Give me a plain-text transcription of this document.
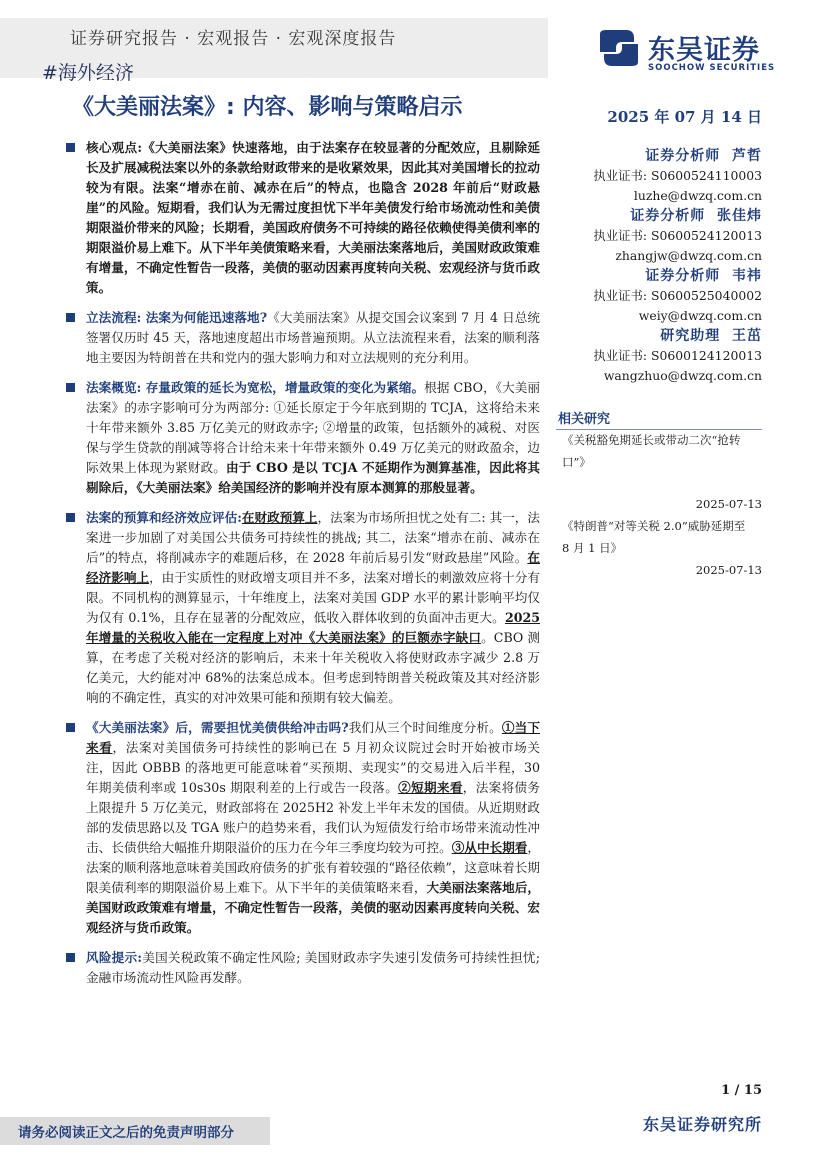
证券研究报告 · 宏观报告 · 宏观深度报告
#海外经济
东吴证券
SOOCHOW SECURITIES
《大美丽法案》: 内容、影响与策略启示	2025 年 07 月 14 日
核心观点:《大美丽法案》快速落地，由于法案存在较显著的分配效应，且剔除延长及扩展减税法案以外的条款给财政带来的是收紧效果，因此其对美国增长的拉动较为有限。法案“增赤在前、减赤在后”的特点，也隐含 2028 年前后“财政悬崖”的风险。短期看，我们认为无需过度担忧下半年美债发行给市场流动性和美债期限溢价带来的风险；长期看，美国政府债务不可持续的路径依赖使得美债利率的期限溢价易上难下。从下半年美债策略来看，大美丽法案落地后，美国财政政策难有增量，不确定性暂告一段落，美债的驱动因素再度转向关税、宏观经济与货币政策。
立法流程: 法案为何能迅速落地?《大美丽法案》从提交国会议案到 7 月 4 日总统签署仅历时 45 天，落地速度超出市场普遍预期。从立法流程来看，法案的顺利落地主要因为特朗普在共和党内的强大影响力和对立法规则的充分利用。
法案概览: 存量政策的延长为宽松，增量政策的变化为紧缩。根据 CBO，《大美丽法案》的赤字影响可分为两部分: ①延长原定于今年底到期的 TCJA，这将给未来十年带来额外 3.85 万亿美元的财政赤字; ②增量的政策，包括额外的减税、对医保与学生贷款的削减等将合计给未来十年带来额外 0.49 万亿美元的财政盈余，边际效果上体现为紧财政。由于 CBO 是以 TCJA 不延期作为测算基准，因此将其剔除后，《大美丽法案》给美国经济的影响并没有原本测算的那般显著。
法案的预算和经济效应评估:在财政预算上，法案为市场所担忧之处有二: 其一，法案进一步加剧了对美国公共债务可持续性的挑战; 其二，法案“增赤在前、减赤在后”的特点，将削减赤字的难题后移，在 2028 年前后易引发“财政悬崖”风险。在经济影响上，由于实质性的财政增支项目并不多，法案对增长的刺激效应将十分有限。不同机构的测算显示，十年维度上，法案对美国 GDP 水平的累计影响平均仅为仅有 0.1%，且存在显著的分配效应，低收入群体收到的负面冲击更大。2025 年增量的关税收入能在一定程度上对冲《大美丽法案》的巨额赤字缺口。CBO 测算，在考虑了关税对经济的影响后，未来十年关税收入将使财政赤字减少 2.8 万亿美元，大约能对冲 68%的法案总成本。但考虑到特朗普关税政策及其对经济影响的不确定性，真实的对冲效果可能和预期有较大偏差。
《大美丽法案》后，需要担忧美债供给冲击吗?我们从三个时间维度分析。①当下来看，法案对美国债务可持续性的影响已在 5 月初众议院过会时开始被市场关注，因此 OBBB 的落地更可能意味着“买预期、卖现实”的交易进入后半程，30 年期美债利率或 10s30s 期限利差的上行或告一段落。②短期来看，法案将债务上限提升 5 万亿美元，财政部将在 2025H2 补发上半年未发的国债。从近期财政部的发债思路以及 TGA 账户的趋势来看，我们认为短债发行给市场带来流动性冲击、长债供给大幅推升期限溢价的压力在今年三季度均较为可控。③从中长期看，法案的顺利落地意味着美国政府债务的扩张有着较强的“路径依赖”，这意味着长期限美债利率的期限溢价易上难下。从下半年的美债策略来看，大美丽法案落地后，美国财政政策难有增量，不确定性暂告一段落，美债的驱动因素再度转向关税、宏观经济与货币政策。
风险提示:美国关税政策不确定性风险; 美国财政赤字失速引发债务可持续性担忧; 金融市场流动性风险再发酵。
证券分析师 芦哲
执业证书: S0600524110003
luzhe@dwzq.com.cn
证券分析师 张佳炜
执业证书: S0600524120013
zhangjw@dwzq.com.cn
证券分析师 韦祎
执业证书: S0600525040002
weiy@dwzq.com.cn
研究助理 王茁
执业证书: S0600124120013
wangzhuo@dwzq.com.cn
相关研究
《关税豁免期延长或带动二次“抢转
口”》
2025-07-13
《特朗普“对等关税 2.0”威胁延期至
8 月 1 日》
2025-07-13
1 / 15
请务必阅读正文之后的免责声明部分	东吴证券研究所
